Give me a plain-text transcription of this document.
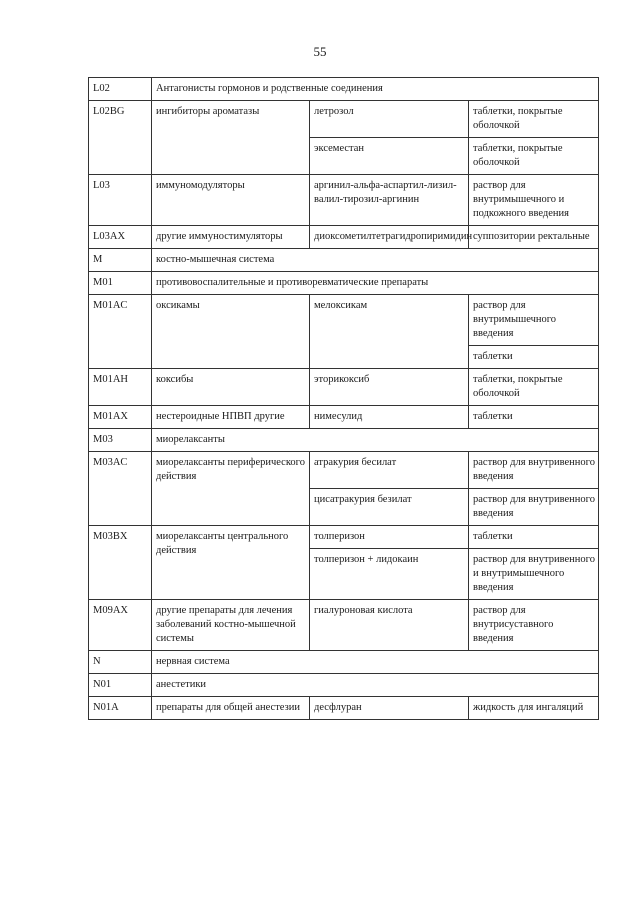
55
L02	Антагонисты гормонов и родственные соединения		
L02BG	ингибиторы ароматазы	летрозол	таблетки, покрытые оболочкой
		эксеместан	таблетки, покрытые оболочкой
L03	иммуномодуляторы	аргинил-альфа-аспартил-лизил-валил-тирозил-аргинин	раствор для внутримышечного и подкожного введения
L03AX	другие иммуностимуляторы	диоксометилтетрагидропиримидин	суппозитории ректальные
M	костно-мышечная система		
M01	противовоспалительные и противоревматические препараты		
M01AC	оксикамы	мелоксикам	раствор для внутримышечного введения
			таблетки
M01AH	коксибы	эторикоксиб	таблетки, покрытые оболочкой
M01AX	нестероидные НПВП другие	нимесулид	таблетки
M03	миорелаксанты		
M03AC	миорелаксанты периферического действия	атракурия бесилат	раствор для внутривенного введения
		цисатракурия безилат	раствор для внутривенного введения
M03BX	миорелаксанты центрального действия	толперизон	таблетки
		толперизон + лидокаин	раствор для внутривенного и внутримышечного введения
M09AX	другие препараты для лечения заболеваний костно-мышечной системы	гиалуроновая кислота	раствор для внутрисуставного введения
N	нервная система		
N01	анестетики		
N01A	препараты для общей анестезии	десфлуран	жидкость для ингаляций
